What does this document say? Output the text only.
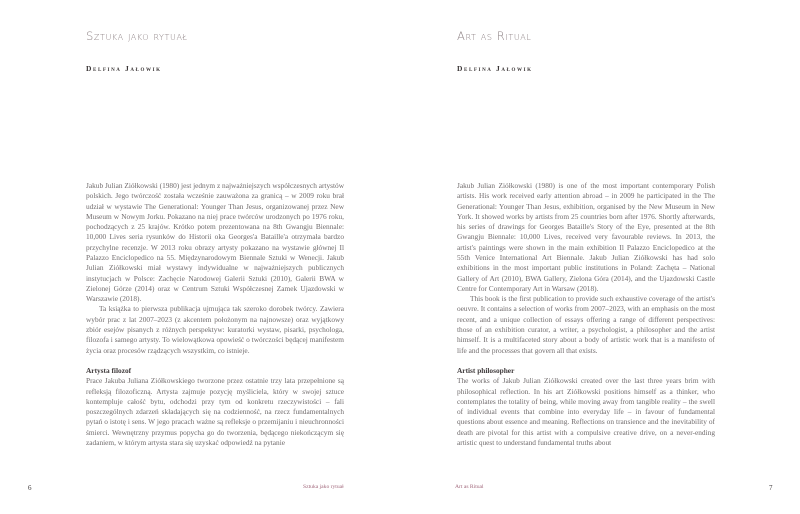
Sztuka jako rytuał
Delfina Jałowik

Jakub Julian Ziółkowski (1980) jest jednym z najważniejszych współczesnych artystów polskich. Jego twórczość została wcześnie zauważona za granicą – w 2009 roku brał udział w wystawie The Generational: Younger Than Jesus, organizowanej przez New Museum w Nowym Jorku. Pokazano na niej prace twórców urodzonych po 1976 roku, pochodzących z 25 krajów. Krótko potem prezentowana na 8th Gwangju Biennale: 10,000 Lives seria rysunków do Historii oka Georges'a Bataille'a otrzymała bardzo przychylne recenzje. W 2013 roku obrazy artysty pokazano na wystawie głównej Il Palazzo Enciclopedico na 55. Międzynarodowym Biennale Sztuki w Wenecji. Jakub Julian Ziółkowski miał wystawy indywidualne w najważniejszych publicznych instytucjach w Polsce: Zachęcie Narodowej Galerii Sztuki (2010), Galerii BWA w Zielonej Górze (2014) oraz w Centrum Sztuki Współczesnej Zamek Ujazdowski w Warszawie (2018).

Ta książka to pierwsza publikacja ujmująca tak szeroko dorobek twórcy. Zawiera wybór prac z lat 2007–2023 (z akcentem położonym na najnowsze) oraz wyjątkowy zbiór esejów pisanych z różnych perspektyw: kuratorki wystaw, pisarki, psychologa, filozofa i samego artysty. To wielowątkowa opowieść o twórczości będącej manifestem życia oraz procesów rządzących wszystkim, co istnieje.

Artysta filozof

Prace Jakuba Juliana Ziółkowskiego tworzone przez ostatnie trzy lata przepełnione są refleksją filozoficzną. Artysta zajmuje pozycję myśliciela, który w swojej sztuce kontempluje całość bytu, odchodzi przy tym od konkretu rzeczywistości – fali poszczególnych zdarzeń składających się na codzienność, na rzecz fundamentalnych pytań o istotę i sens. W jego pracach ważne są refleksje o przemijaniu i nieuchronności śmierci. Wewnętrzny przymus popycha go do tworzenia, będącego niekończącym się zadaniem, w którym artysta stara się uzyskać odpowiedź na pytanie

6	Sztuka jako rytuał
Art as Ritual
Delfina Jałowik

Jakub Julian Ziółkowski (1980) is one of the most important contemporary Polish artists. His work received early attention abroad – in 2009 he participated in the The Generational: Younger Than Jesus, exhibition, organised by the New Museum in New York. It showed works by artists from 25 countries born after 1976. Shortly afterwards, his series of drawings for Georges Bataille's Story of the Eye, presented at the 8th Gwangju Biennale: 10,000 Lives, received very favourable reviews. In 2013, the artist's paintings were shown in the main exhibition Il Palazzo Enciclopedico at the 55th Venice International Art Biennale. Jakub Julian Ziółkowski has had solo exhibitions in the most important public institutions in Poland: Zachęta – National Gallery of Art (2010), BWA Gallery, Zielona Góra (2014), and the Ujazdowski Castle Centre for Contemporary Art in Warsaw (2018).

This book is the first publication to provide such exhaustive coverage of the artist's oeuvre. It contains a selection of works from 2007–2023, with an emphasis on the most recent, and a unique collection of essays offering a range of different perspectives: those of an exhibition curator, a writer, a psychologist, a philosopher and the artist himself. It is a multifaceted story about a body of artistic work that is a manifesto of life and the processes that govern all that exists.

Artist philosopher

The works of Jakub Julian Ziółkowski created over the last three years brim with philosophical reflection. In his art Ziółkowski positions himself as a thinker, who contemplates the totality of being, while moving away from tangible reality – the swell of individual events that combine into everyday life – in favour of fundamental questions about essence and meaning. Reflections on transience and the inevitability of death are pivotal for this artist with a compulsive creative drive, on a never-ending artistic quest to understand fundamental truths about

Art as Ritual	7
